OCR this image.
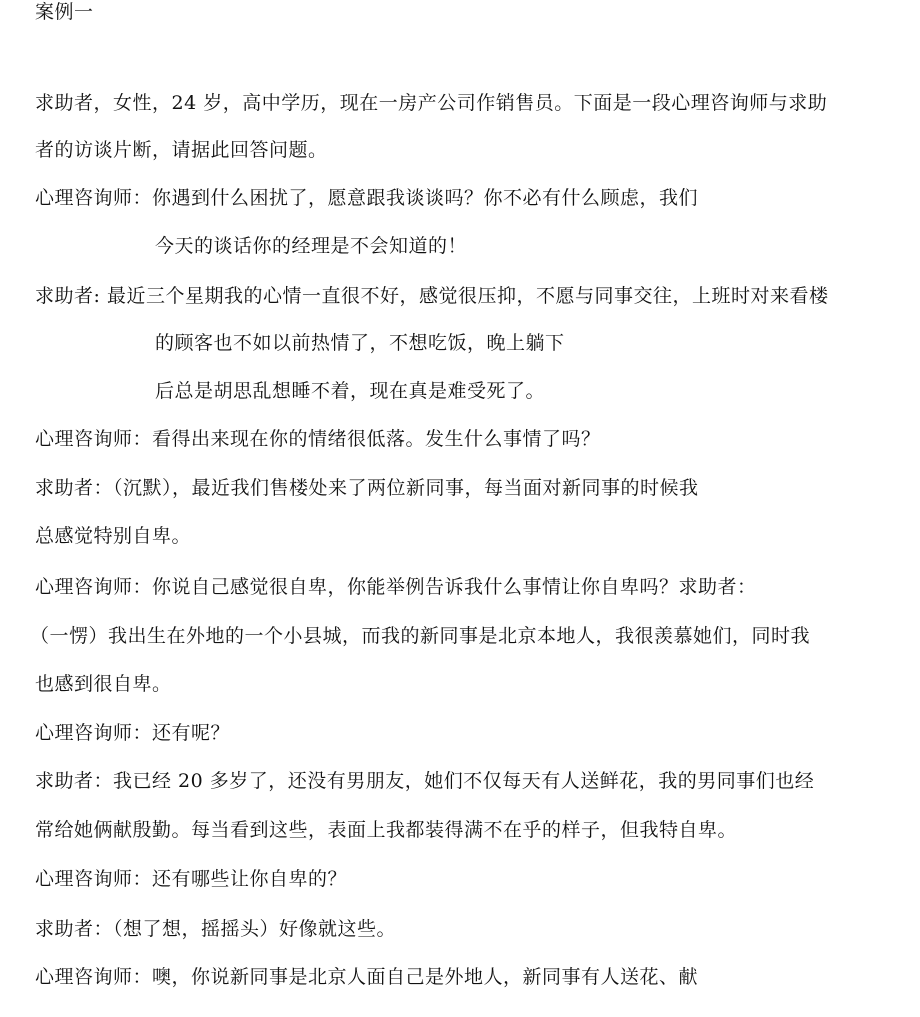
案例一
求助者，女性，24 岁，高中学历，现在一房产公司作销售员。下面是一段心理咨询师与求助
者的访谈片断，请据此回答问题。
心理咨询师：你遇到什么困扰了，愿意跟我谈谈吗？你不必有什么顾虑，我们
今天的谈话你的经理是不会知道的！
求助者: 最近三个星期我的心情一直很不好，感觉很压抑，不愿与同事交往，上班时对来看楼
的顾客也不如以前热情了，不想吃饭，晚上躺下
后总是胡思乱想睡不着，现在真是难受死了。
心理咨询师：看得出来现在你的情绪很低落。发生什么事情了吗？
求助者：（沉默），最近我们售楼处来了两位新同事，每当面对新同事的时候我
总感觉特别自卑。
心理咨询师：你说自己感觉很自卑，你能举例告诉我什么事情让你自卑吗？求助者：
（一愣）我出生在外地的一个小县城，而我的新同事是北京本地人，我很羡慕她们，同时我
也感到很自卑。
心理咨询师：还有呢？
求助者：我已经 20 多岁了，还没有男朋友，她们不仅每天有人送鲜花，我的男同事们也经
常给她俩献殷勤。每当看到这些，表面上我都装得满不在乎的样子，但我特自卑。
心理咨询师：还有哪些让你自卑的？
求助者：（想了想，摇摇头）好像就这些。
心理咨询师：噢，你说新同事是北京人面自己是外地人，新同事有人送花、献
